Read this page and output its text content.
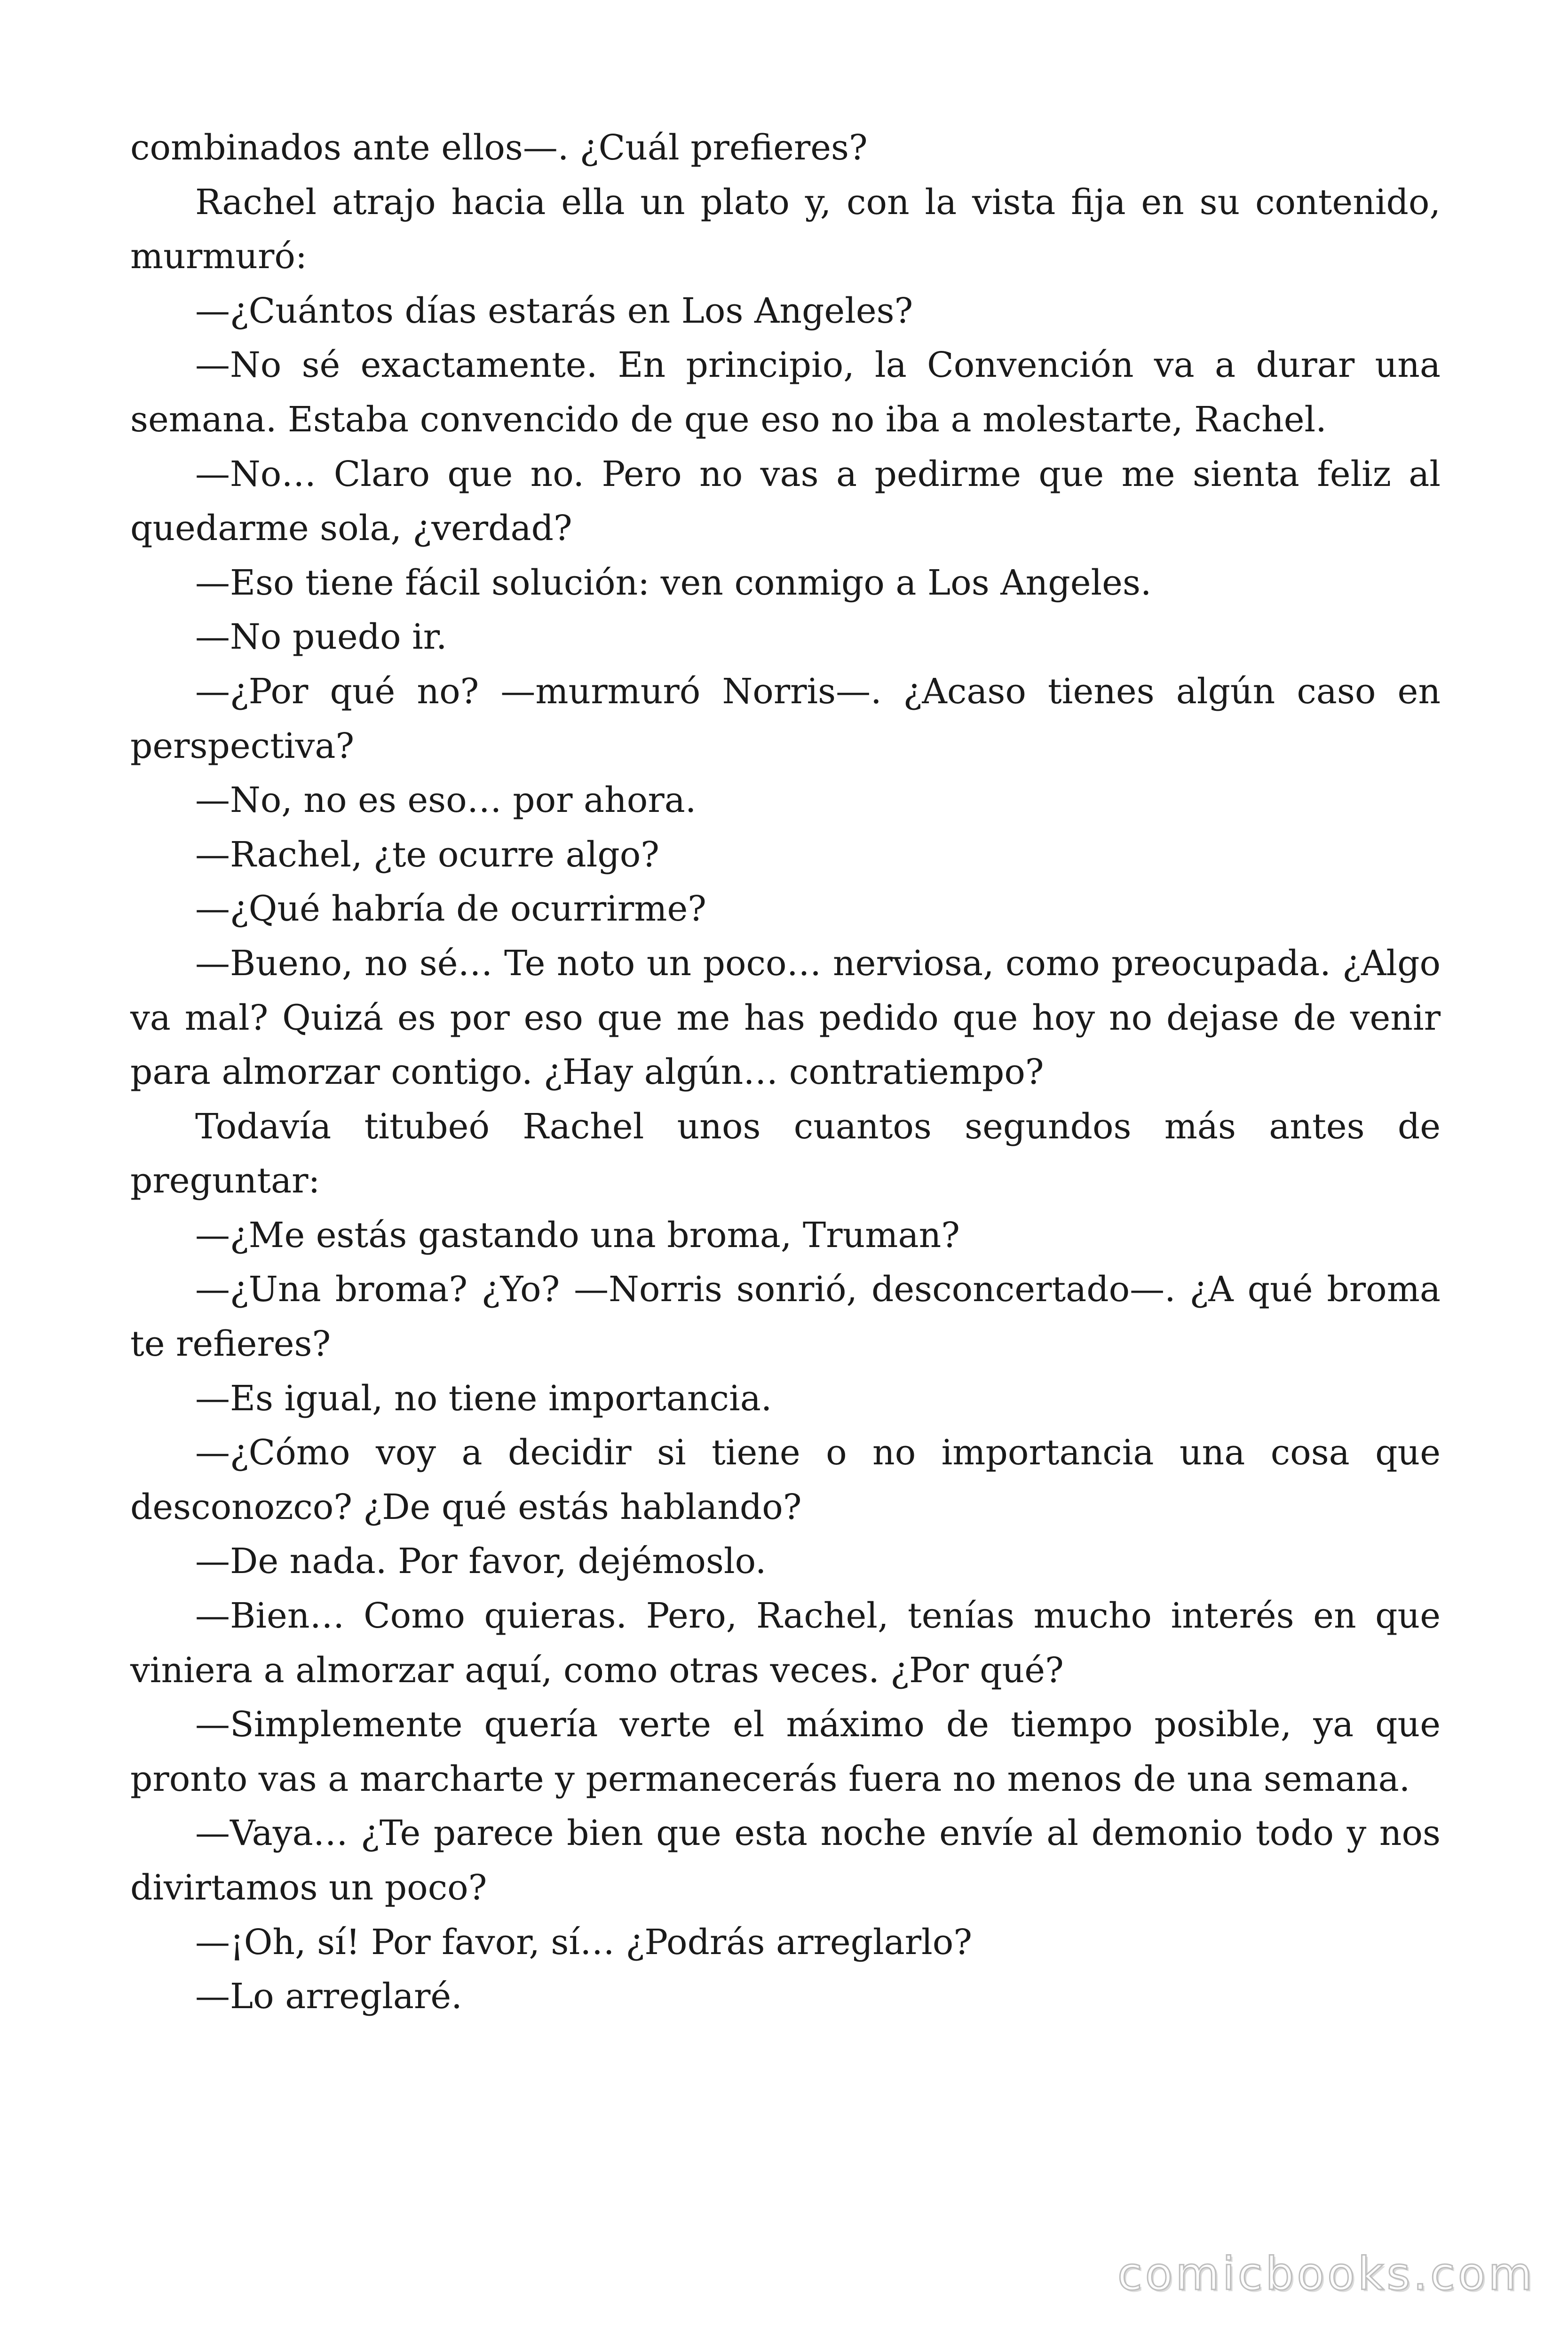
combinados ante ellos—. ¿Cuál prefieres?

Rachel atrajo hacia ella un plato y, con la vista fija en su contenido, murmuró:

—¿Cuántos días estarás en Los Angeles?

—No sé exactamente. En principio, la Convención va a durar una semana. Estaba convencido de que eso no iba a molestarte, Rachel.

—No… Claro que no. Pero no vas a pedirme que me sienta feliz al quedarme sola, ¿verdad?

—Eso tiene fácil solución: ven conmigo a Los Angeles.

—No puedo ir.

—¿Por qué no? —murmuró Norris—. ¿Acaso tienes algún caso en perspectiva?

—No, no es eso… por ahora.

—Rachel, ¿te ocurre algo?

—¿Qué habría de ocurrirme?

—Bueno, no sé… Te noto un poco… nerviosa, como preocupada. ¿Algo va mal? Quizá es por eso que me has pedido que hoy no dejase de venir para almorzar contigo. ¿Hay algún… contratiempo?

Todavía titubeó Rachel unos cuantos segundos más antes de preguntar:

—¿Me estás gastando una broma, Truman?

—¿Una broma? ¿Yo? —Norris sonrió, desconcertado—. ¿A qué broma te refieres?

—Es igual, no tiene importancia.

—¿Cómo voy a decidir si tiene o no importancia una cosa que desconozco? ¿De qué estás hablando?

—De nada. Por favor, dejémoslo.

—Bien… Como quieras. Pero, Rachel, tenías mucho interés en que viniera a almorzar aquí, como otras veces. ¿Por qué?

—Simplemente quería verte el máximo de tiempo posible, ya que pronto vas a marcharte y permanecerás fuera no menos de una semana.

—Vaya… ¿Te parece bien que esta noche envíe al demonio todo y nos divirtamos un poco?

—¡Oh, sí! Por favor, sí… ¿Podrás arreglarlo?

—Lo arreglaré.

comicbooks.com
